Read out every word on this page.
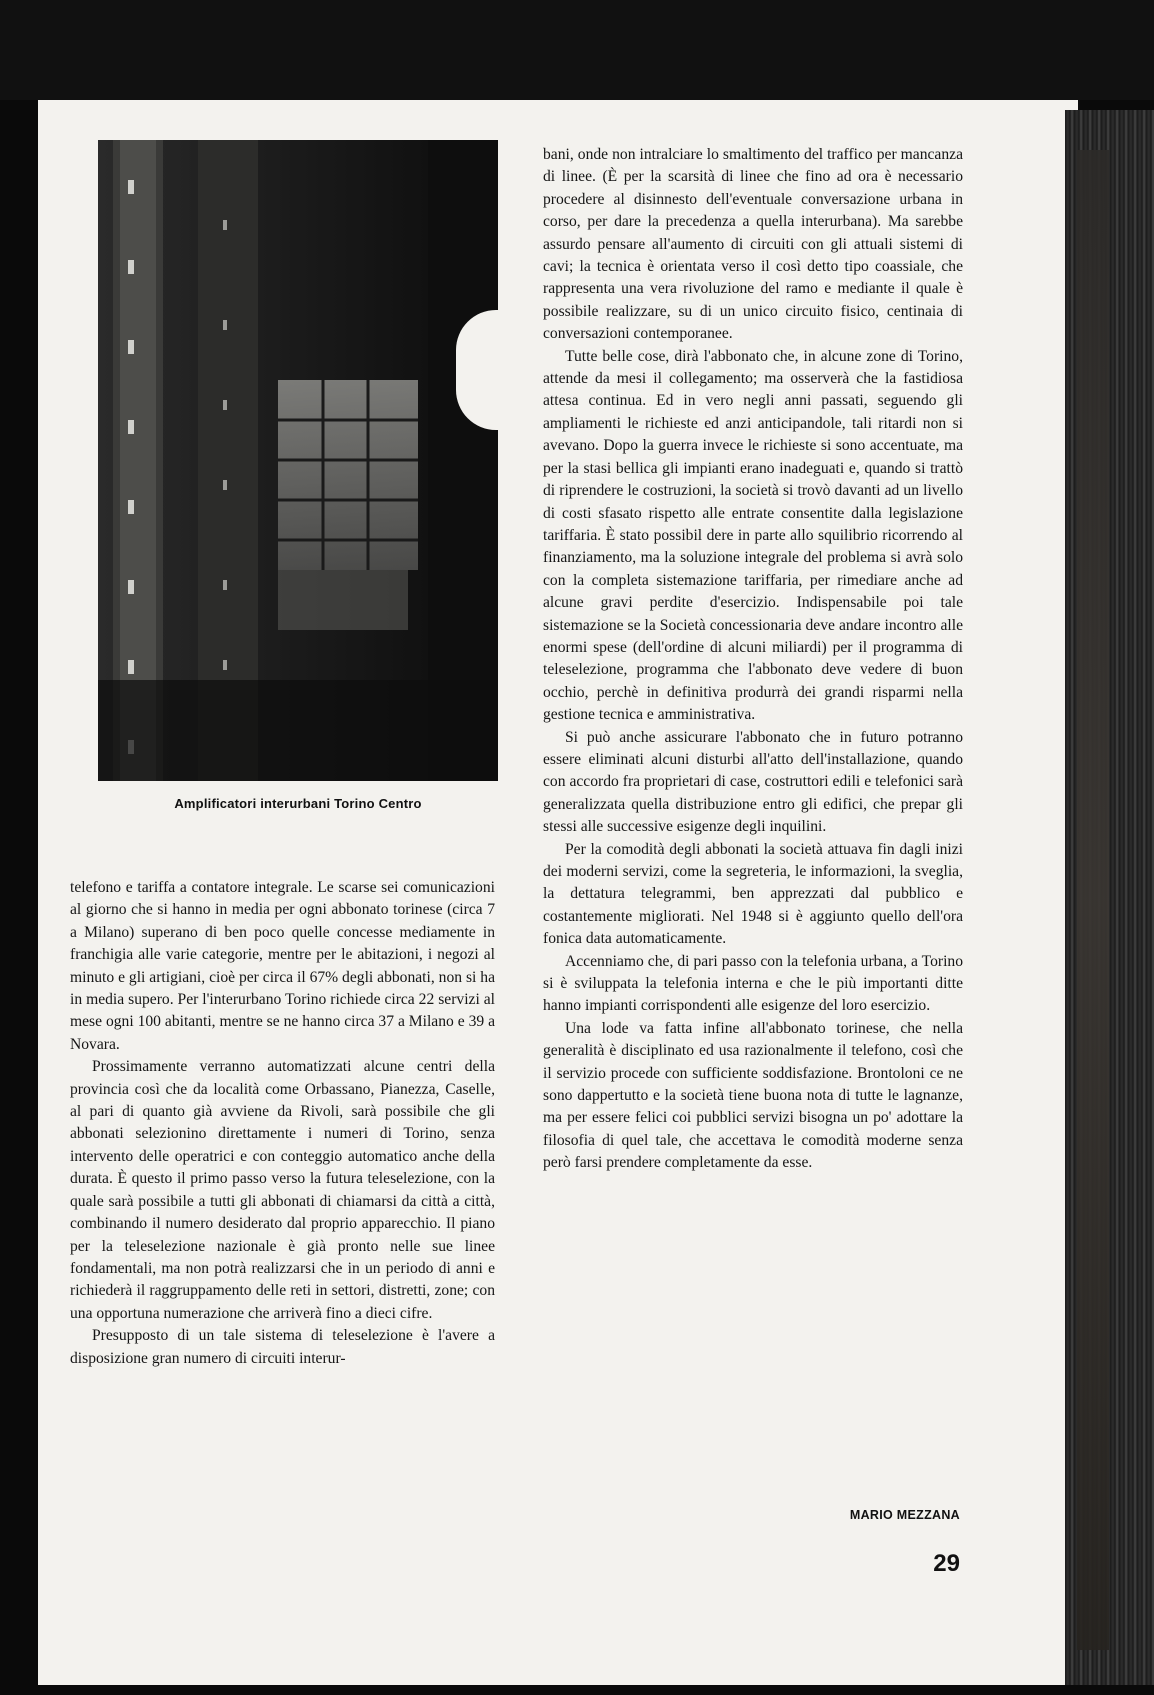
Amplificatori interurbani Torino Centro

telefono e tariffa a contatore integrale. Le scarse sei comunicazioni al giorno che si hanno in media per ogni abbonato torinese (circa 7 a Milano) superano di ben poco quelle concesse mediamente in franchigia alle varie categorie, mentre per le abitazioni, i negozi al minuto e gli artigiani, cioè per circa il 67% degli abbonati, non si ha in media supero. Per l'interurbano Torino richiede circa 22 servizi al mese ogni 100 abitanti, mentre se ne hanno circa 37 a Milano e 39 a Novara.

Prossimamente verranno automatizzati alcune centri della provincia così che da località come Orbassano, Pianezza, Caselle, al pari di quanto già avviene da Rivoli, sarà possibile che gli abbonati selezionino direttamente i numeri di Torino, senza intervento delle operatrici e con conteggio automatico anche della durata. È questo il primo passo verso la futura teleselezione, con la quale sarà possibile a tutti gli abbonati di chiamarsi da città a città, combinando il numero desiderato dal proprio apparecchio. Il piano per la teleselezione nazionale è già pronto nelle sue linee fondamentali, ma non potrà realizzarsi che in un periodo di anni e richiederà il raggruppamento delle reti in settori, distretti, zone; con una opportuna numerazione che arriverà fino a dieci cifre.

Presupposto di un tale sistema di teleselezione è l'avere a disposizione gran numero di circuiti interur-

bani, onde non intralciare lo smaltimento del traffico per mancanza di linee. (È per la scarsità di linee che fino ad ora è necessario procedere al disinnesto dell'eventuale conversazione urbana in corso, per dare la precedenza a quella interurbana). Ma sarebbe assurdo pensare all'aumento di circuiti con gli attuali sistemi di cavi; la tecnica è orientata verso il così detto tipo coassiale, che rappresenta una vera rivoluzione del ramo e mediante il quale è possibile realizzare, su di un unico circuito fisico, centinaia di conversazioni contemporanee.

Tutte belle cose, dirà l'abbonato che, in alcune zone di Torino, attende da mesi il collegamento; ma osserverà che la fastidiosa attesa continua. Ed in vero negli anni passati, seguendo gli ampliamenti le richieste ed anzi anticipandole, tali ritardi non si avevano. Dopo la guerra invece le richieste si sono accentuate, ma per la stasi bellica gli impianti erano inadeguati e, quando si trattò di riprendere le costruzioni, la società si trovò davanti ad un livello di costi sfasato rispetto alle entrate consentite dalla legislazione tariffaria. È stato possibil dere in parte allo squilibrio ricorrendo al finanziamento, ma la soluzione integrale del problema si avrà solo con la completa sistemazione tariffaria, per rimediare anche ad alcune gravi perdite d'esercizio. Indispensabile poi tale sistemazione se la Società concessionaria deve andare incontro alle enormi spese (dell'ordine di alcuni miliardi) per il programma di teleselezione, programma che l'abbonato deve vedere di buon occhio, perchè in definitiva produrrà dei grandi risparmi nella gestione tecnica e amministrativa.

Si può anche assicurare l'abbonato che in futuro potranno essere eliminati alcuni disturbi all'atto dell'installazione, quando con accordo fra proprietari di case, costruttori edili e telefonici sarà generalizzata quella distribuzione entro gli edifici, che prepar gli stessi alle successive esigenze degli inquilini.

Per la comodità degli abbonati la società attuava fin dagli inizi dei moderni servizi, come la segreteria, le informazioni, la sveglia, la dettatura telegrammi, ben apprezzati dal pubblico e costantemente migliorati. Nel 1948 si è aggiunto quello dell'ora fonica data automaticamente.

Accenniamo che, di pari passo con la telefonia urbana, a Torino si è sviluppata la telefonia interna e che le più importanti ditte hanno impianti corrispondenti alle esigenze del loro esercizio.

Una lode va fatta infine all'abbonato torinese, che nella generalità è disciplinato ed usa razionalmente il telefono, così che il servizio procede con sufficiente soddisfazione. Brontoloni ce ne sono dappertutto e la società tiene buona nota di tutte le lagnanze, ma per essere felici coi pubblici servizi bisogna un po' adottare la filosofia di quel tale, che accettava le comodità moderne senza però farsi prendere completamente da esse.

MARIO MEZZANA
29
